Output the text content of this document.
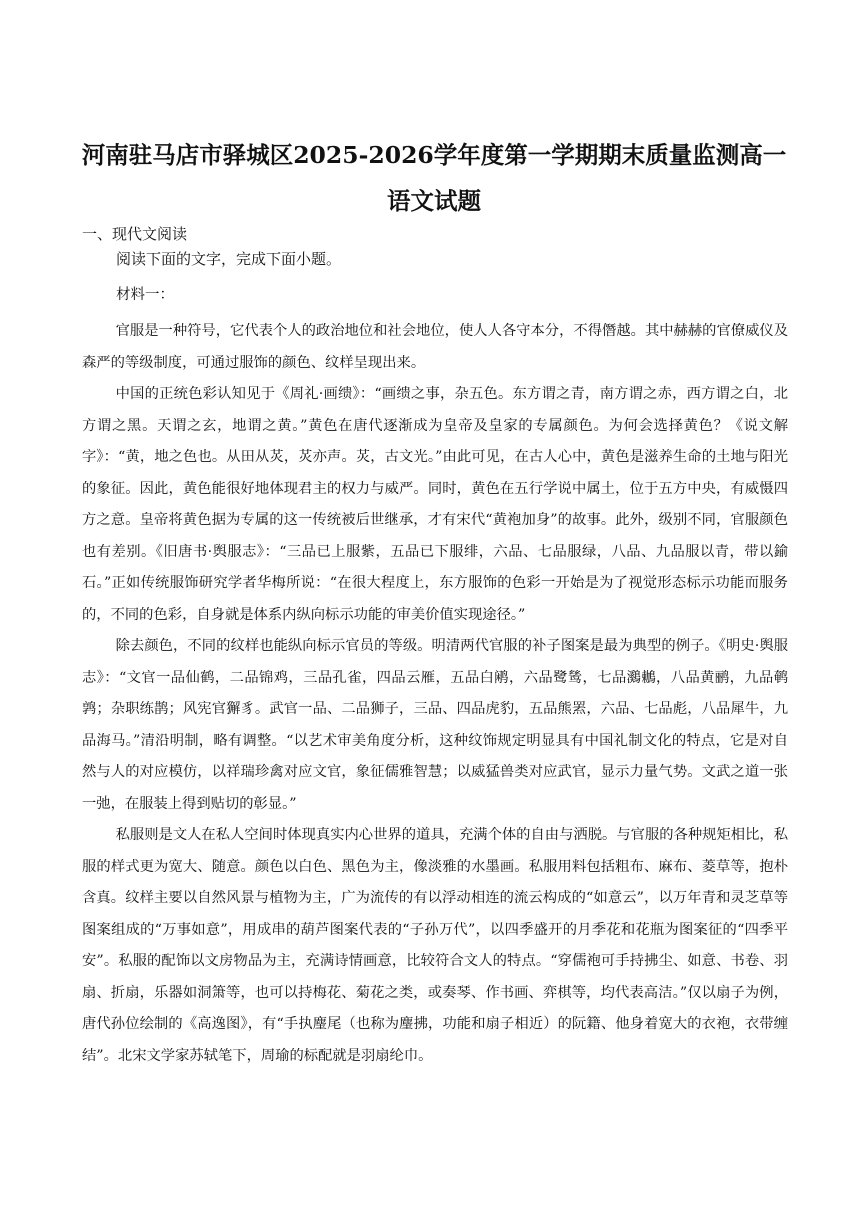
河南驻马店市驿城区2025-2026学年度第一学期期末质量监测高一语文试题
一、现代文阅读
阅读下面的文字，完成下面小题。
材料一：

官服是一种符号，它代表个人的政治地位和社会地位，使人人各守本分，不得僭越。其中赫赫的官僚威仪及森严的等级制度，可通过服饰的颜色、纹样呈现出来。

中国的正统色彩认知见于《周礼·画缋》：“画缋之事，杂五色。东方谓之青，南方谓之赤，西方谓之白，北方谓之黑。天谓之玄，地谓之黄。”黄色在唐代逐渐成为皇帝及皇家的专属颜色。为何会选择黄色？《说文解字》：“黄，地之色也。从田从炗，炗亦声。炗，古文光。”由此可见，在古人心中，黄色是滋养生命的土地与阳光的象征。因此，黄色能很好地体现君主的权力与威严。同时，黄色在五行学说中属土，位于五方中央，有威慑四方之意。皇帝将黄色据为专属的这一传统被后世继承，才有宋代“黄袍加身”的故事。此外，级别不同，官服颜色也有差别。《旧唐书·舆服志》：“三品已上服紫，五品已下服绯，六品、七品服绿，八品、九品服以青，带以鍮石。”正如传统服饰研究学者华梅所说：“在很大程度上，东方服饰的色彩一开始是为了视觉形态标示功能而服务的，不同的色彩，自身就是体系内纵向标示功能的审美价值实现途径。”

除去颜色，不同的纹样也能纵向标示官员的等级。明清两代官服的补子图案是最为典型的例子。《明史·舆服志》：“文官一品仙鹤，二品锦鸡，三品孔雀，四品云雁，五品白鹇，六品鹭鸶，七品鸂鶒，八品黄鹂，九品鹌鹑；杂职练鹊；风宪官獬豸。武官一品、二品狮子，三品、四品虎豹，五品熊罴，六品、七品彪，八品犀牛，九品海马。”清沿明制，略有调整。“以艺术审美角度分析，这种纹饰规定明显具有中国礼制文化的特点，它是对自然与人的对应模仿，以祥瑞珍禽对应文官，象征儒雅智慧；以威猛兽类对应武官，显示力量气势。文武之道一张一弛，在服装上得到贴切的彰显。”

私服则是文人在私人空间时体现真实内心世界的道具，充满个体的自由与洒脱。与官服的各种规矩相比，私服的样式更为宽大、随意。颜色以白色、黑色为主，像淡雅的水墨画。私服用料包括粗布、麻布、菱草等，抱朴含真。纹样主要以自然风景与植物为主，广为流传的有以浮动相连的流云构成的“如意云”，以万年青和灵芝草等图案组成的“万事如意”，用成串的葫芦图案代表的“子孙万代”，以四季盛开的月季花和花瓶为图案征的“四季平安”。私服的配饰以文房物品为主，充满诗情画意，比较符合文人的特点。“穿儒袍可手持拂尘、如意、书卷、羽扇、折扇，乐器如洞箫等，也可以持梅花、菊花之类，或奏琴、作书画、弈棋等，均代表高洁。”仅以扇子为例，唐代孙位绘制的《高逸图》，有“手执麈尾（也称为麈拂，功能和扇子相近）的阮籍、他身着宽大的衣袍，衣带缠结”。北宋文学家苏轼笔下，周瑜的标配就是羽扇纶巾。
